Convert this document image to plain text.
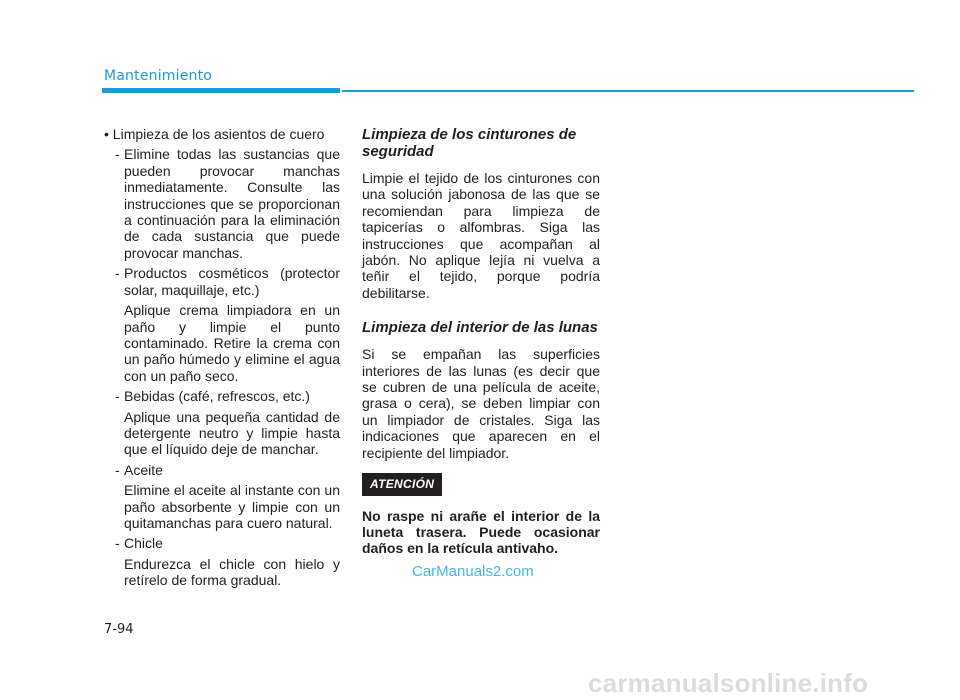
Mantenimiento

• Limpieza de los asientos de cuero

- Elimine todas las sustancias que pueden provocar manchas inmediatamente. Consulte las instrucciones que se proporcionan a continuación para la eliminación de cada sustancia que puede provocar manchas.
- Productos cosméticos (protector solar, maquillaje, etc.)

Aplique crema limpiadora en un paño y limpie el punto contaminado. Retire la crema con un paño húmedo y elimine el agua con un paño seco.

- Bebidas (café, refrescos, etc.)

Aplique una pequeña cantidad de detergente neutro y limpie hasta que el líquido deje de manchar.

- Aceite

Elimine el aceite al instante con un paño absorbente y limpie con un quitamanchas para cuero natural.

- Chicle

Endurezca el chicle con hielo y retírelo de forma gradual.

Limpieza de los cinturones de seguridad

Limpie el tejido de los cinturones con una solución jabonosa de las que se recomiendan para limpieza de tapicerías o alfombras. Siga las instrucciones que acompañan al jabón. No aplique lejía ni vuelva a teñir el tejido, porque podría debilitarse.

Limpieza del interior de las lunas

Si se empañan las superficies interiores de las lunas (es decir que se cubren de una película de aceite, grasa o cera), se deben limpiar con un limpiador de cristales. Siga las indicaciones que aparecen en el recipiente del limpiador.

ATENCIÓN

No raspe ni arañe el interior de la luneta trasera. Puede ocasionar daños en la retícula antivaho.

CarManuals2.com
7-94
carmanualsonline.info
